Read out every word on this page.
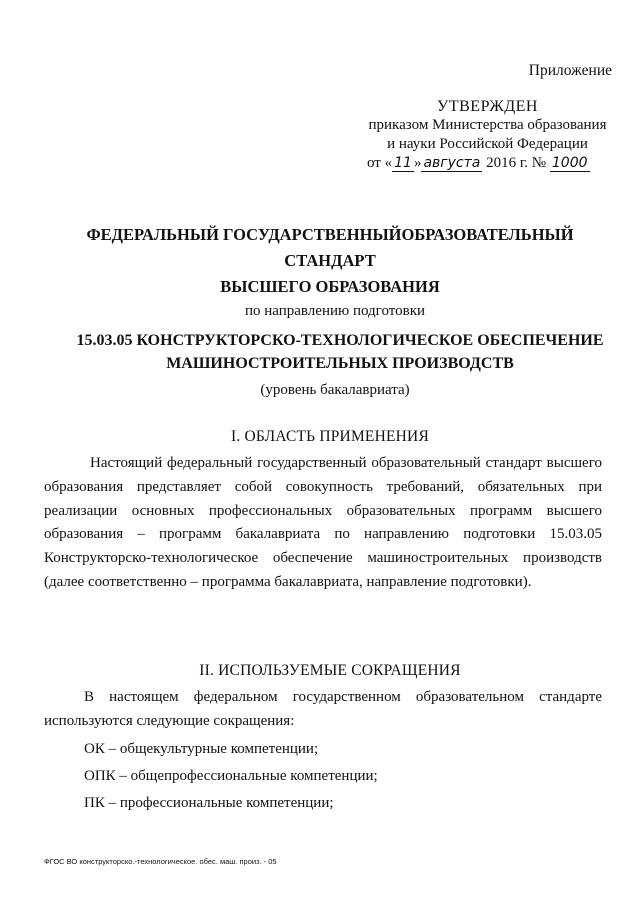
Приложение
УТВЕРЖДЕН
приказом Министерства образования
и науки Российской Федерации
от « 11 » августа 2016 г. № 1000
ФЕДЕРАЛЬНЫЙ ГОСУДАРСТВЕННЫЙОБРАЗОВАТЕЛЬНЫЙ СТАНДАРТ
ВЫСШЕГО ОБРАЗОВАНИЯ
по направлению подготовки
15.03.05 КОНСТРУКТОРСКО-ТЕХНОЛОГИЧЕСКОЕ ОБЕСПЕЧЕНИЕ
МАШИНОСТРОИТЕЛЬНЫХ ПРОИЗВОДСТВ
(уровень бакалавриата)
I. ОБЛАСТЬ ПРИМЕНЕНИЯ
Настоящий федеральный государственный образовательный стандарт высшего образования представляет собой совокупность требований, обязательных при реализации основных профессиональных образовательных программ высшего образования – программ бакалавриата по направлению подготовки 15.03.05 Конструкторско-технологическое обеспечение машиностроительных производств (далее соответственно – программа бакалавриата, направление подготовки).
II. ИСПОЛЬЗУЕМЫЕ СОКРАЩЕНИЯ
В настоящем федеральном государственном образовательном стандарте используются следующие сокращения:
ОК – общекультурные компетенции;
ОПК – общепрофессиональные компетенции;
ПК – профессиональные компетенции;
ФГОС ВО конструкторско.-технологическое. обес. маш. произ. - 05
